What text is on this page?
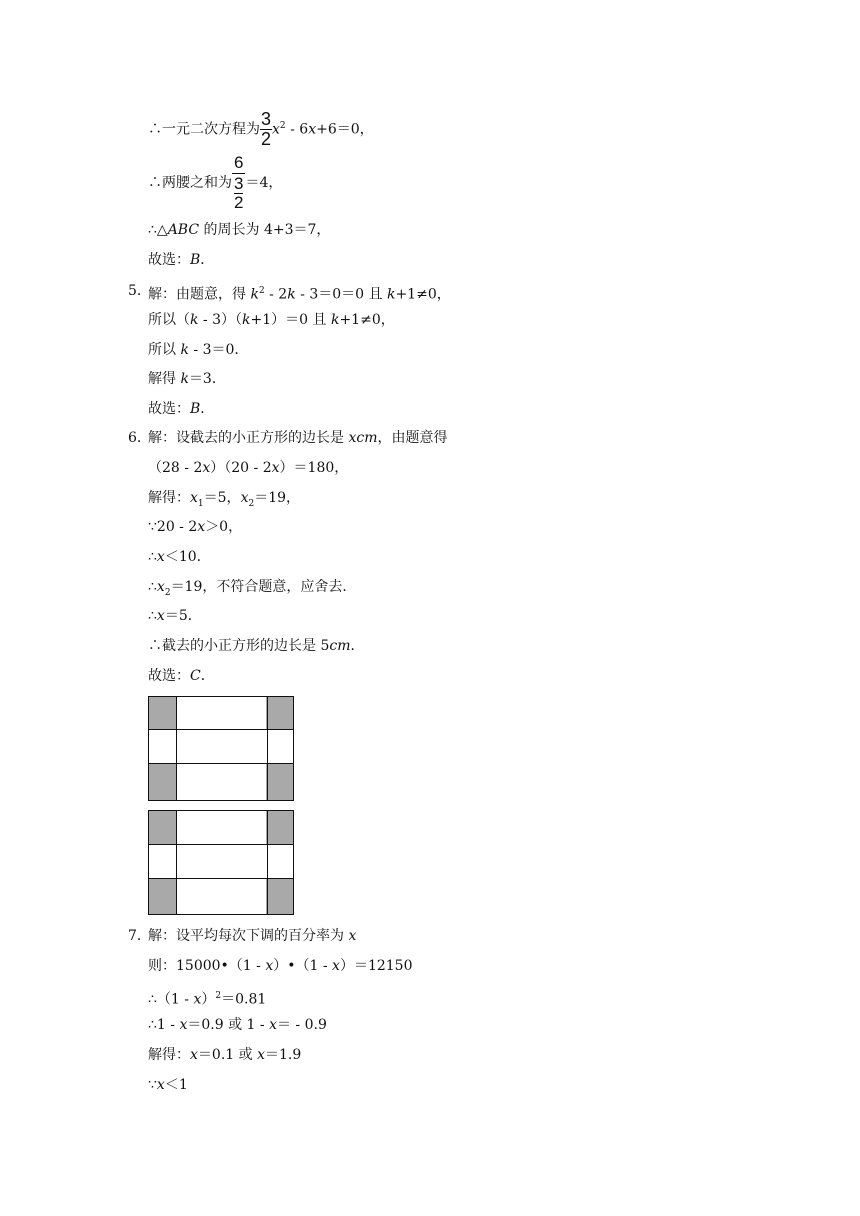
∴一元二次方程为 $\frac{3}{2} x^2 - 6x+6=0$，
∴两腰之和为
6
3
2
＝4，
∴△ABC 的周长为 4+3＝7，
故选：B．
5．
解：由题意，得 $k^2 - 2k - 3=0=0$ 且 k+1≠0，
所以（k - 3）（k+1）＝0 且 k+1≠0，
所以 k - 3＝0．
解得 k＝3．
故选：B．
6．
解：设截去的小正方形的边长是 xcm，由题意得
（28 - 2x）（20 - 2x）＝180，
解得：$x_1=5$，$x_2=19$，
∵20 - 2x＞0，
∴x＜10．
$\therefore x_2=19$，不符合题意，应舍去．
∴x＝5．
∴截去的小正方形的边长是 5cm．
故选：C．
7．
解：设平均每次下调的百分率为 x
则：15000•（1 - x）•（1 - x）＝12150
∴（1 - x）$^2$＝0.81
∴1 - x＝0.9 或 1 - x＝ - 0.9
解得：x＝0.1 或 x＝1.9
∵x＜1
